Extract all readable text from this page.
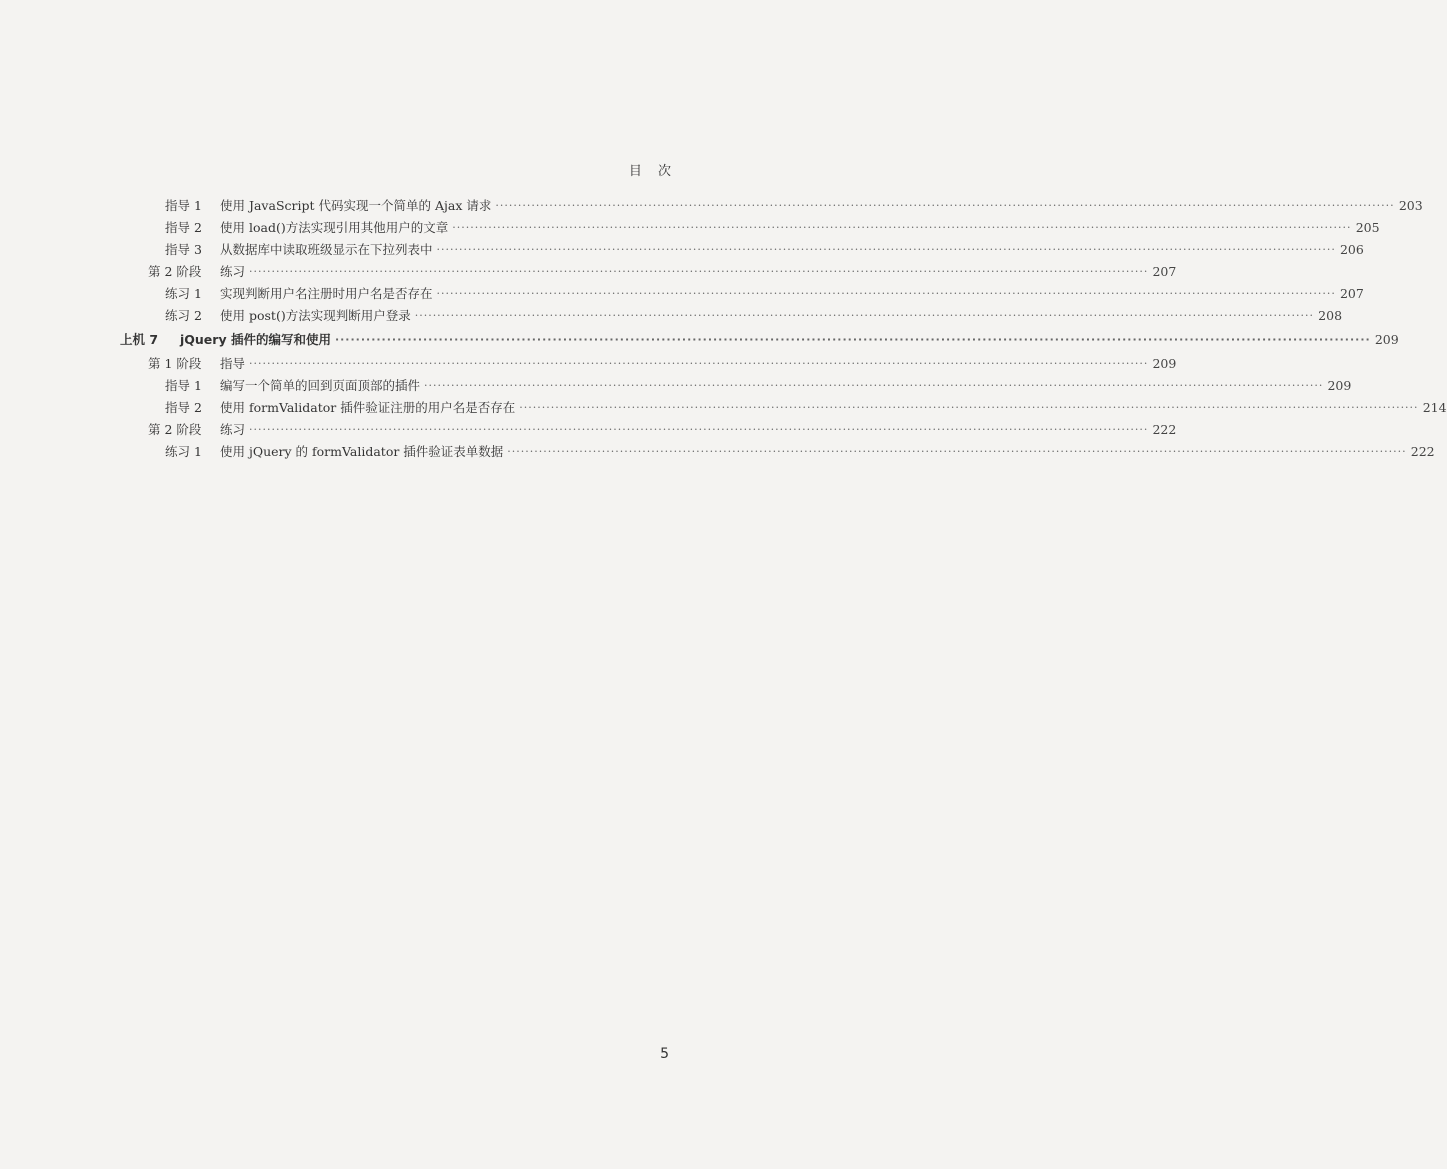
目 次
指导 1	使用 JavaScript 代码实现一个简单的 Ajax 请求 ········································································································································································································ 203
指导 2	使用 load()方法实现引用其他用户的文章 ········································································································································································································ 205
指导 3	从数据库中读取班级显示在下拉列表中 ········································································································································································································ 206
第 2 阶段	练习 ········································································································································································································ 207
练习 1	实现判断用户名注册时用户名是否存在 ········································································································································································································ 207
练习 2	使用 post()方法实现判断用户登录 ········································································································································································································ 208
上机 7	jQuery 插件的编写和使用 ········································································································································································································ 209
第 1 阶段	指导 ········································································································································································································ 209
指导 1	编写一个简单的回到页面顶部的插件 ········································································································································································································ 209
指导 2	使用 formValidator 插件验证注册的用户名是否存在 ········································································································································································································ 214
第 2 阶段	练习 ········································································································································································································ 222
练习 1	使用 jQuery 的 formValidator 插件验证表单数据 ········································································································································································································ 222
5
